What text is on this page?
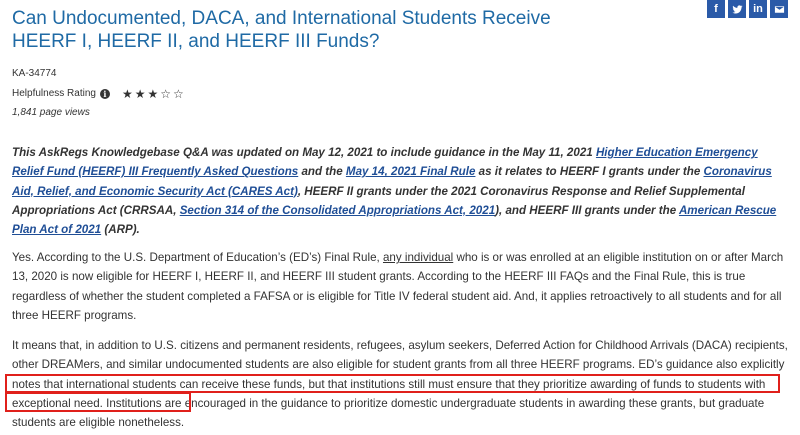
f	in
Can Undocumented, DACA, and International Students Receive HEERF I, HEERF II, and HEERF III Funds?
KA-34774
Helpfulness Rating i ★ ★ ★ ☆ ☆
1,841 page views

This AskRegs Knowledgebase Q&A was updated on May 12, 2021 to include guidance in the May 11, 2021 Higher Education Emergency Relief Fund (HEERF) III Frequently Asked Questions and the May 14, 2021 Final Rule as it relates to HEERF I grants under the Coronavirus Aid, Relief, and Economic Security Act (CARES Act), HEERF II grants under the 2021 Coronavirus Response and Relief Supplemental Appropriations Act (CRRSAA, Section 314 of the Consolidated Appropriations Act, 2021), and HEERF III grants under the American Rescue Plan Act of 2021 (ARP).

Yes. According to the U.S. Department of Education’s (ED’s) Final Rule, any individual who is or was enrolled at an eligible institution on or after March 13, 2020 is now eligible for HEERF I, HEERF II, and HEERF III student grants. According to the HEERF III FAQs and the Final Rule, this is true regardless of whether the student completed a FAFSA or is eligible for Title IV federal student aid. And, it applies retroactively to all students and for all three HEERF programs.

It means that, in addition to U.S. citizens and permanent residents, refugees, asylum seekers, Deferred Action for Childhood Arrivals (DACA) recipients, other DREAMers, and similar undocumented students are also eligible for student grants from all three HEERF programs. ED’s guidance also explicitly notes that international students can receive these funds, but that institutions still must ensure that they prioritize awarding of funds to students with exceptional need. Institutions are encouraged in the guidance to prioritize domestic undergraduate students in awarding these grants, but graduate students are eligible nonetheless.
